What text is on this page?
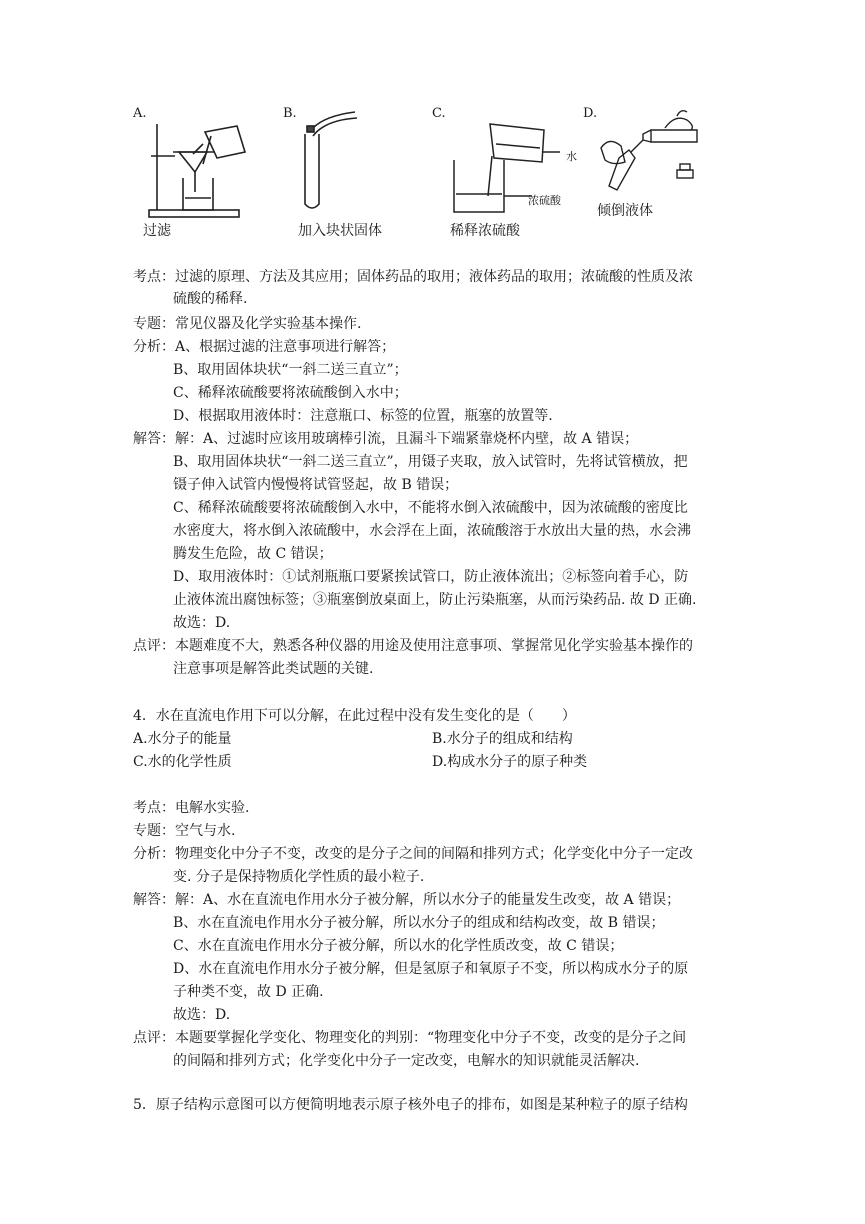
A.
过滤
B.
加入块状固体
C.
水
浓硫酸
稀释浓硫酸
D.
倾倒液体
考点： 过滤的原理、方法及其应用；固体药品的取用；液体药品的取用；浓硫酸的性质及浓
硫酸的稀释.
专题： 常见仪器及化学实验基本操作.
分析： A、根据过滤的注意事项进行解答；
B、取用固体块状“一斜二送三直立”；
C、稀释浓硫酸要将浓硫酸倒入水中；
D、根据取用液体时：注意瓶口、标签的位置，瓶塞的放置等.
解答： 解：A、过滤时应该用玻璃棒引流，且漏斗下端紧靠烧杯内壁，故 A 错误；
B、取用固体块状“一斜二送三直立”，用镊子夹取，放入试管时，先将试管横放，把
镊子伸入试管内慢慢将试管竖起，故 B 错误；
C、稀释浓硫酸要将浓硫酸倒入水中，不能将水倒入浓硫酸中，因为浓硫酸的密度比
水密度大，将水倒入浓硫酸中，水会浮在上面，浓硫酸溶于水放出大量的热，水会沸
腾发生危险，故 C 错误；
D、取用液体时：①试剂瓶瓶口要紧挨试管口，防止液体流出；②标签向着手心，防
止液体流出腐蚀标签；③瓶塞倒放桌面上，防止污染瓶塞，从而污染药品. 故 D 正确.
故选：D.
点评： 本题难度不大，熟悉各种仪器的用途及使用注意事项、掌握常见化学实验基本操作的
注意事项是解答此类试题的关键.
4．水在直流电作用下可以分解，在此过程中没有发生变化的是（　　）
A.水分子的能量	B.水分子的组成和结构
C.水的化学性质	D.构成水分子的原子种类
考点： 电解水实验.
专题： 空气与水.
分析： 物理变化中分子不变，改变的是分子之间的间隔和排列方式；化学变化中分子一定改
变. 分子是保持物质化学性质的最小粒子.
解答： 解：A、水在直流电作用水分子被分解，所以水分子的能量发生改变，故 A 错误；
B、水在直流电作用水分子被分解，所以水分子的组成和结构改变，故 B 错误；
C、水在直流电作用水分子被分解，所以水的化学性质改变，故 C 错误；
D、水在直流电作用水分子被分解，但是氢原子和氧原子不变，所以构成水分子的原
子种类不变，故 D 正确.
故选：D.
点评： 本题要掌握化学变化、物理变化的判别：“物理变化中分子不变，改变的是分子之间
的间隔和排列方式；化学变化中分子一定改变，电解水的知识就能灵活解决.
5．原子结构示意图可以方便简明地表示原子核外电子的排布，如图是某种粒子的原子结构
